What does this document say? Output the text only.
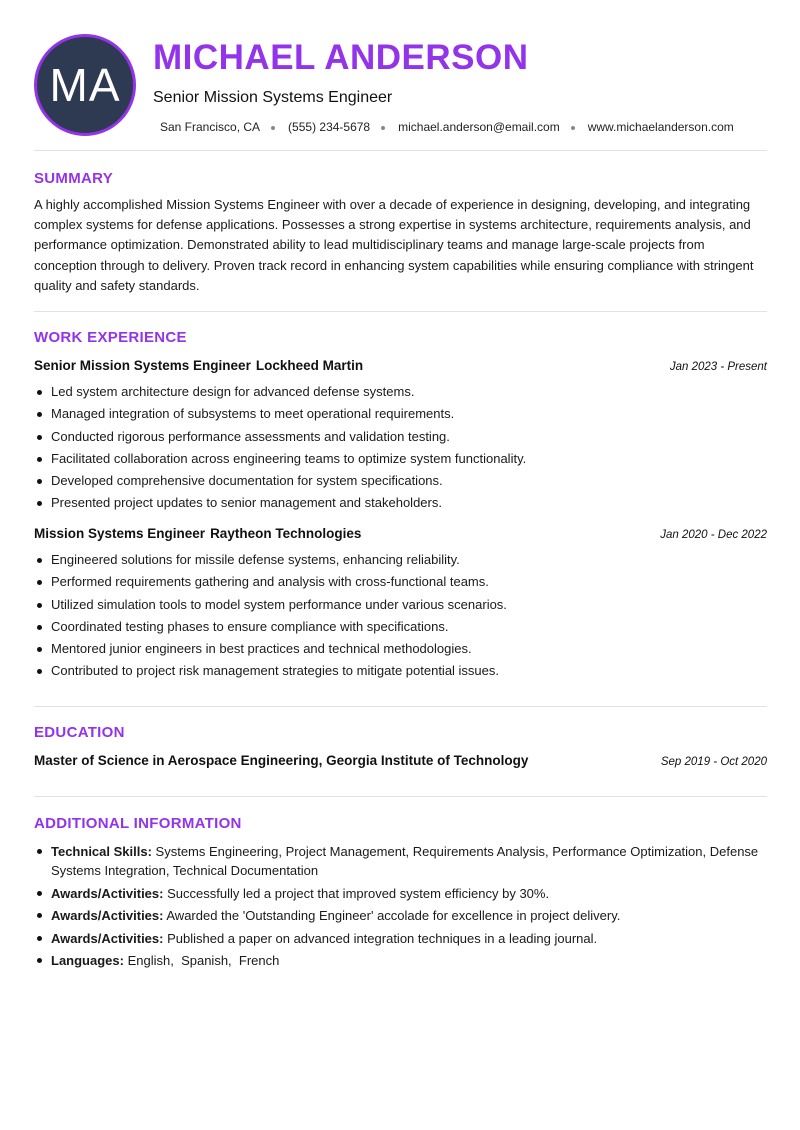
MA
MICHAEL ANDERSON
Senior Mission Systems Engineer
San Francisco, CA (555) 234-5678 michael.anderson@email.com www.michaelanderson.com
SUMMARY

A highly accomplished Mission Systems Engineer with over a decade of experience in designing, developing, and integrating complex systems for defense applications. Possesses a strong expertise in systems architecture, requirements analysis, and performance optimization. Demonstrated ability to lead multidisciplinary teams and manage large-scale projects from conception through to delivery. Proven track record in enhancing system capabilities while ensuring compliance with stringent quality and safety standards.

WORK EXPERIENCE
Senior Mission Systems Engineer Lockheed Martin	Jan 2023 - Present
Led system architecture design for advanced defense systems.
Managed integration of subsystems to meet operational requirements.
Conducted rigorous performance assessments and validation testing.
Facilitated collaboration across engineering teams to optimize system functionality.
Developed comprehensive documentation for system specifications.
Presented project updates to senior management and stakeholders.
Mission Systems Engineer Raytheon Technologies	Jan 2020 - Dec 2022
Engineered solutions for missile defense systems, enhancing reliability.
Performed requirements gathering and analysis with cross-functional teams.
Utilized simulation tools to model system performance under various scenarios.
Coordinated testing phases to ensure compliance with specifications.
Mentored junior engineers in best practices and technical methodologies.
Contributed to project risk management strategies to mitigate potential issues.
EDUCATION
Master of Science in Aerospace Engineering, Georgia Institute of Technology	Sep 2019 - Oct 2020
ADDITIONAL INFORMATION
Technical Skills: Systems Engineering, Project Management, Requirements Analysis, Performance Optimization, Defense Systems Integration, Technical Documentation
Awards/Activities: Successfully led a project that improved system efficiency by 30%.
Awards/Activities: Awarded the 'Outstanding Engineer' accolade for excellence in project delivery.
Awards/Activities: Published a paper on advanced integration techniques in a leading journal.
Languages: English,  Spanish,  French
